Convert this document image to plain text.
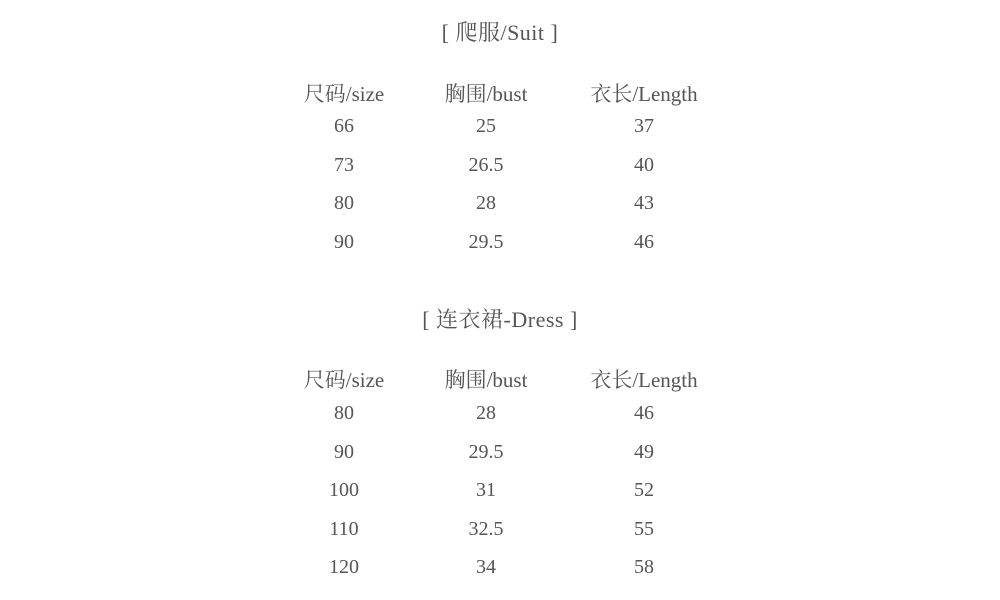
[ 爬服/Suit ]
尺码/size	胸围/bust	衣长/Length
66	25	37
73	26.5	40
80	28	43
90	29.5	46
[ 连衣裙-Dress ]
尺码/size	胸围/bust	衣长/Length
80	28	46
90	29.5	49
100	31	52
110	32.5	55
120	34	58
